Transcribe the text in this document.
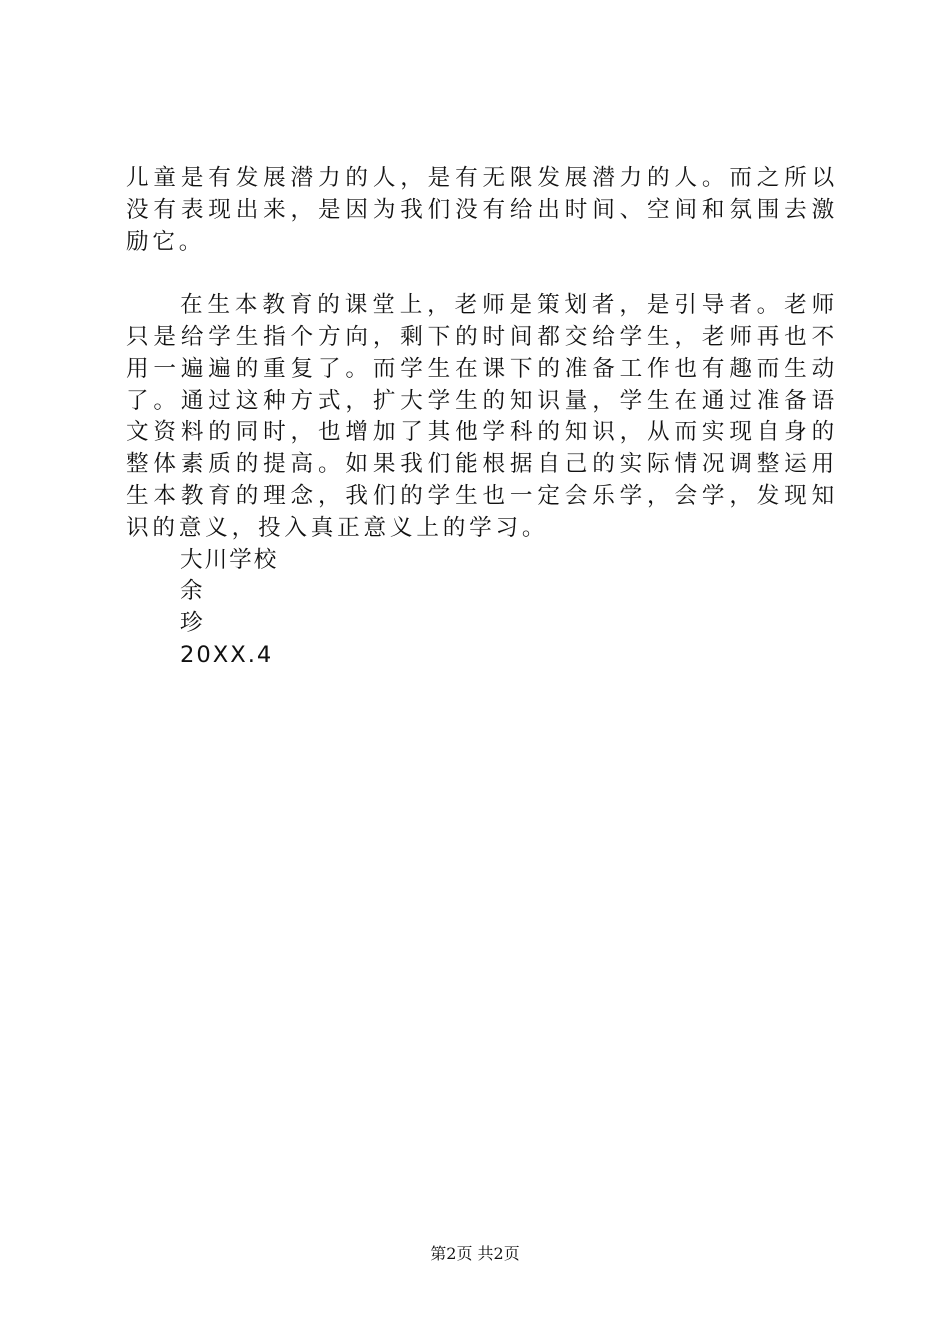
儿童是有发展潜力的人，是有无限发展潜力的人。而之所以没有表现出来，是因为我们没有给出时间、空间和氛围去激励它。

在生本教育的课堂上，老师是策划者，是引导者。老师只是给学生指个方向，剩下的时间都交给学生，老师再也不用一遍遍的重复了。而学生在课下的准备工作也有趣而生动了。通过这种方式，扩大学生的知识量，学生在通过准备语文资料的同时，也增加了其他学科的知识，从而实现自身的整体素质的提高。如果我们能根据自己的实际情况调整运用生本教育的理念，我们的学生也一定会乐学，会学，发现知识的意义，投入真正意义上的学习。

大川学校

余

珍

20XX.4

第2页 共2页
